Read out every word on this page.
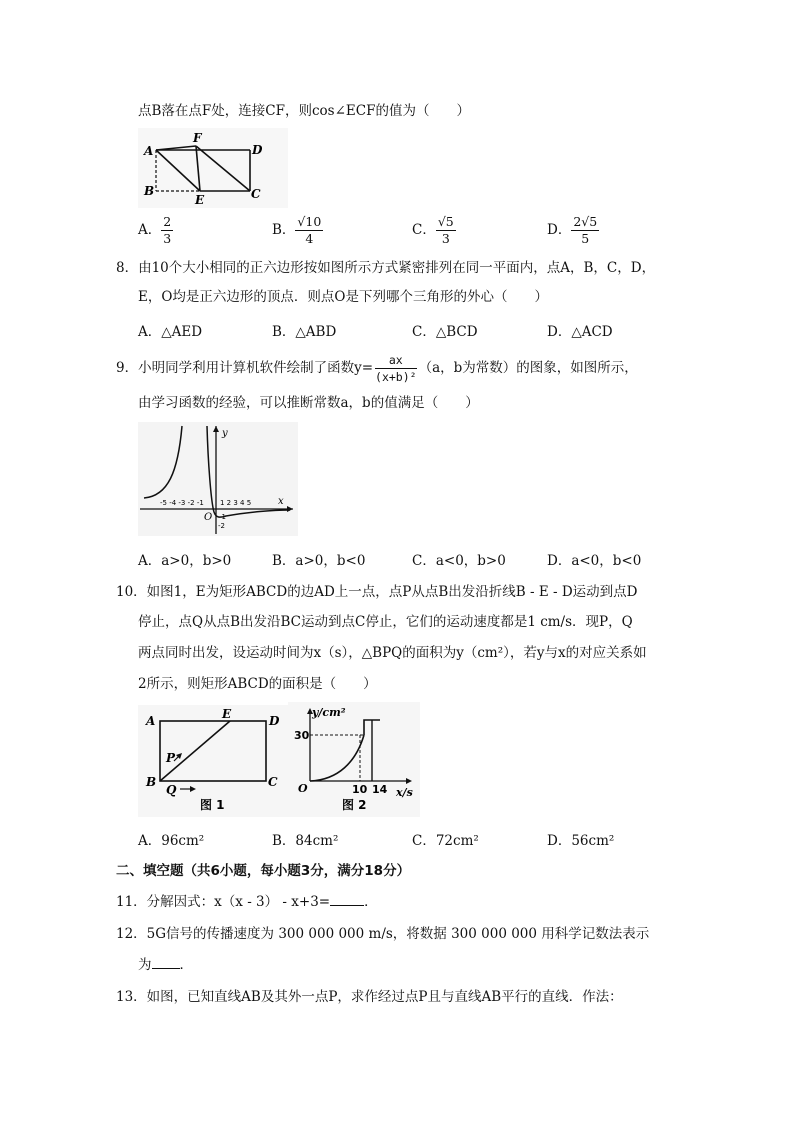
点B落在点F处，连接CF，则cos∠ECF的值为（　　）
A
F
D
B
E	C
A． $\frac{2}{3}$	B． $\frac{√10}{4}$	C． $\frac{√5}{3}$	D． $\frac{2√5}{5}$
8．由10个大小相同的正六边形按如图所示方式紧密排列在同一平面内，点A，B，C，D，
E，O均是正六边形的顶点．则点O是下列哪个三角形的外心（　　）
A．△AED	B．△ABD	C．△BCD	D．△ACD
9．小明同学利用计算机软件绘制了函数$y= \frac{ax}{\text{(x+b)²}} (a$，b为常数）的图象，如图所示，
由学习函数的经验，可以推断常数a，b的值满足（　　）
y
x
O
-5 -4 -3 -2 -1 1 2 3 4 5
-1
-2
A．a>0，b>0	B．a>0，b<0	C．a<0，b>0	D．a<0，b<0
10．如图1，E为矩形ABCD的边AD上一点，点P从点B出发沿折线B - E - D运动到点D
停止，点Q从点B出发沿BC运动到点C停止，它们的运动速度都是1 cm/s．现P，Q
两点同时出发，设运动时间为x（s），△BPQ的面积为y（cm²），若y与x的对应关系如
2所示，则矩形ABCD的面积是（　　）
A	E	D
P
B
Q
C
图 1
y/cm²
30
O	10 14 x/s
图 2
A．96cm²	B．84cm²	C．72cm²	D．56cm²
二、填空题（共6小题，每小题3分，满分18分）
11．分解因式：x（x - 3） - x+3=	．
12．5G信号的传播速度为 300 000 000 m/s，将数据 300 000 000 用科学记数法表示
为 ．
13．如图，已知直线AB及其外一点P，求作经过点P且与直线AB平行的直线．作法：
